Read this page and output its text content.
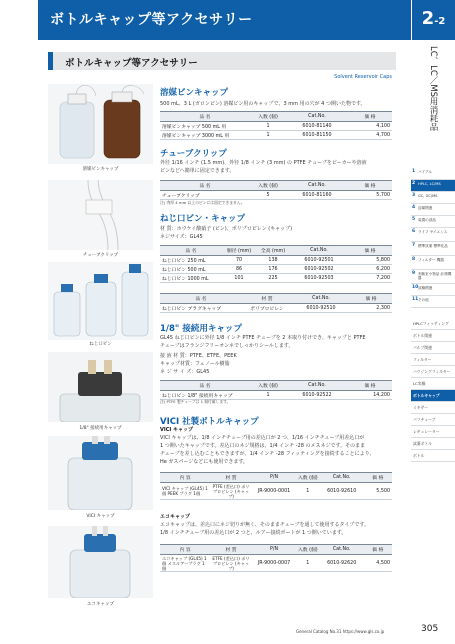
ボトルキャップ等アクセサリー
Bottle Caps
2-2
LC、LC／MS用消耗品
ボトルキャップ等アクセサリー
Solvent Reservoir Caps
1 バイアル
2 HPLC, LC/MS
3 GC, GC/MS
4 溶媒関連
5 装置の部品
6 ライフ サイエンス
7 標準試薬 標準化品
8 フィルター 機器
9 実験室小物品 計測機器
10 試験関連
11 その他
HPLCフィッティング
ボトル関連
バルブ関連
フィルター
ハウジングフィルター
LC実験
ボトルキャップ
ミキサー
バフチューブ
レギュレーター
試薬ボトル
ボトル
溶媒ビンキャップ
チューブクリップ
ねじ口ビン
1/8" 接続用キャップ
VICI キャップ
エコキャップ
溶媒ビンキャップ
500 mL、3 L (ガロンビン) 溶媒ビン用のキャップで、3 mm 用の穴が 4 つ開いた物です。
品 名	入数 (個)	Cat.No.	価 格
溶媒ビンキャップ 500 mL 用	1	6010-81140	4,100
溶媒ビンキャップ 3000 mL 用	1	6010-81150	4,700
チューブクリップ
外径 1/16 インチ (1.5 mm)、外径 1/8 インチ (3 mm) の PTFE チューブをビーカーや溶液
ビンなどへ簡単に固定できます。
品 名	入数 (個)	Cat.No.	価 格
チューブクリップ	5	6010-81160	5,700
注) 肉厚 4 mm 以上のビンには固定できません。
ねじ口ビン・キャップ
材 質：ホウケイ酸硝子 (ビン)、ポリプロピレン (キャップ)
ネジサイズ：GL45
品 名	胴径 (mm)	全高 (mm)	Cat.No.	価 格
ねじ口ビン 250 mL	70	138	6010-92501	5,800
ねじ口ビン 500 mL	86	176	6010-92502	6,200
ねじ口ビン 1000 mL	101	225	6010-92503	7,200
品 名	材 質	Cat.No.	価 格
ねじ口ビン ブラグキャップ	ポリプロピレン	6010-92510	2,300
1/8" 接続用キャップ
GL45 ねじ口ビンに外径 1/8 インチ PTFE チューブを 2 本取り付けでき、キャップと PTFE
チューブはフランジフリーオンネでしっかりシールします。
接 液 材 質：PTFE、ETFE、PEEK
キャップ材質：フェノール樹脂
ネ ジ サ イ ズ：GL45
品 名	入数 (個)	Cat.No.	価 格
ねじ口ビン 1/8" 接続用キャップ	1	6010-92522	14,200
注) PTFE 製チューブは 1 個付属します。
VICI 社製ボトルキャップ
VICI キャップ
VICI キャップは、1/8 インチチューブ用の差込口が 2 つ、1/16 インチチューブ用差込口が
1 つ開いたキャップです。差込口のネジ規格は、1/4 インチ -28 のメスネジです。そのまま
チューブを差し込むこともできますが、1/4 インチ -28 フィッティングを接続することにより、
He ガスパージなどにも使用できます。
内 容	材 質	P/N	入数 (個)	Cat.No.	価 格
VICI キャップ (GL45) 1個 PEEK プラグ 1個	PTFE (差込口) ポリプロピレン (キャップ)	JR-9000-0001	1	6010-92610	5,500
エコキャップ
エコキャップは、差込口にネジ切りが無く、そのままチューブを通して使用するタイプです。
1/8 インチチューブ用の差込口が 2 つと、ルアー接続ポートが 1 つ開いています。
内 容	材 質	P/N	入数 (個)	Cat.No.	価 格
エコキャップ (GL45) 1個 メスルアープラグ 1個	ETFE (差込口) ポリプロピレン (キャップ)	JR-9000-0007	1	6010-92620	4,500
General Catalog No.31 https://www.gls.co.jp	305
